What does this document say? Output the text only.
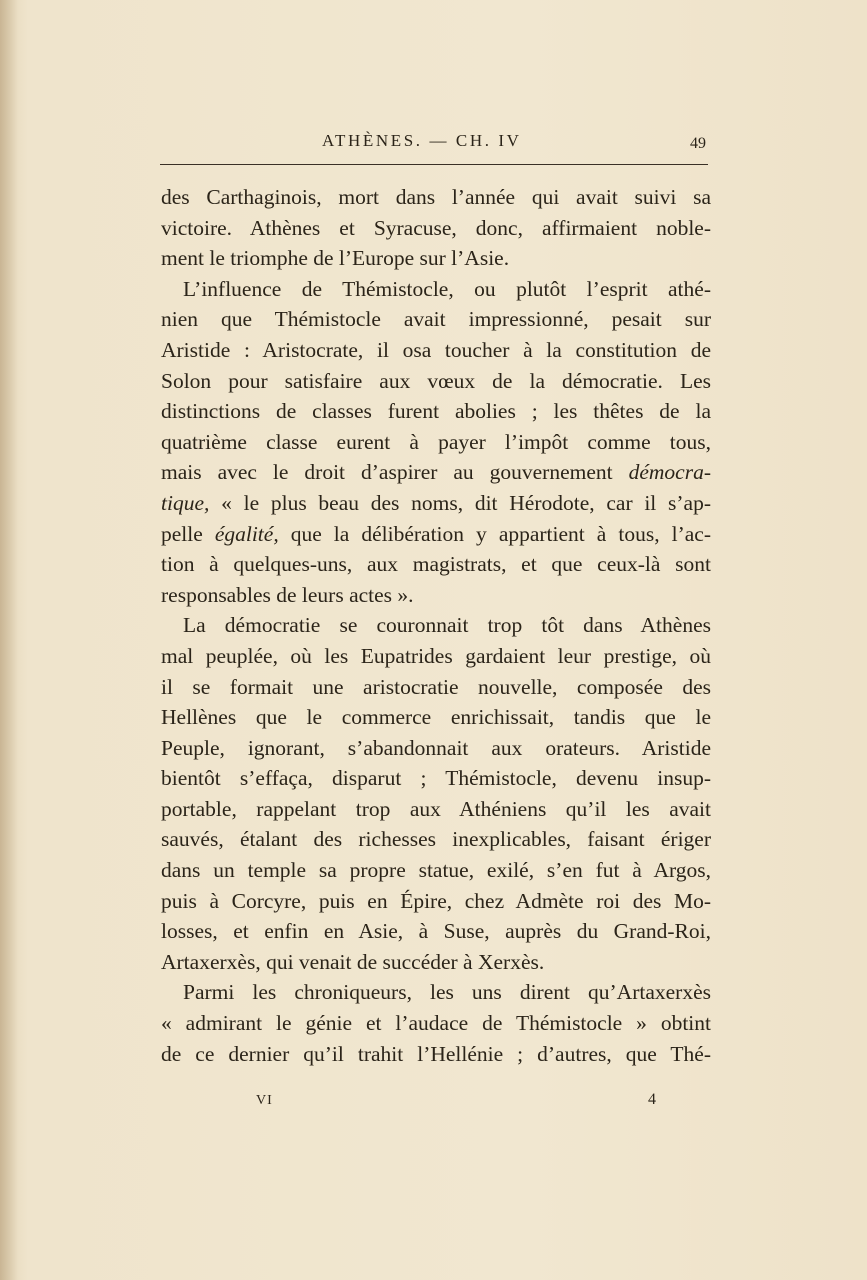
ATHÈNES. — CH. IV	49

des Carthaginois, mort dans l’année qui avait suivi sa
victoire. Athènes et Syracuse, donc, affirmaient noble-
ment le triomphe de l’Europe sur l’Asie.

L’influence de Thémistocle, ou plutôt l’esprit athé-
nien que Thémistocle avait impressionné, pesait sur
Aristide : Aristocrate, il osa toucher à la constitution de
Solon pour satisfaire aux vœux de la démocratie. Les
distinctions de classes furent abolies ; les thêtes de la
quatrième classe eurent à payer l’impôt comme tous,
mais avec le droit d’aspirer au gouvernement démocra-
tique, « le plus beau des noms, dit Hérodote, car il s’ap-
pelle égalité, que la délibération y appartient à tous, l’ac-
tion à quelques-uns, aux magistrats, et que ceux-là sont
responsables de leurs actes ».

La démocratie se couronnait trop tôt dans Athènes
mal peuplée, où les Eupatrides gardaient leur prestige, où
il se formait une aristocratie nouvelle, composée des
Hellènes que le commerce enrichissait, tandis que le
Peuple, ignorant, s’abandonnait aux orateurs. Aristide
bientôt s’effaça, disparut ; Thémistocle, devenu insup-
portable, rappelant trop aux Athéniens qu’il les avait
sauvés, étalant des richesses inexplicables, faisant ériger
dans un temple sa propre statue, exilé, s’en fut à Argos,
puis à Corcyre, puis en Épire, chez Admète roi des Mo-
losses, et enfin en Asie, à Suse, auprès du Grand-Roi,
Artaxerxès, qui venait de succéder à Xerxès.

Parmi les chroniqueurs, les uns dirent qu’Artaxerxès
« admirant le génie et l’audace de Thémistocle » obtint
de ce dernier qu’il trahit l’Hellénie ; d’autres, que Thé-

VI	4
